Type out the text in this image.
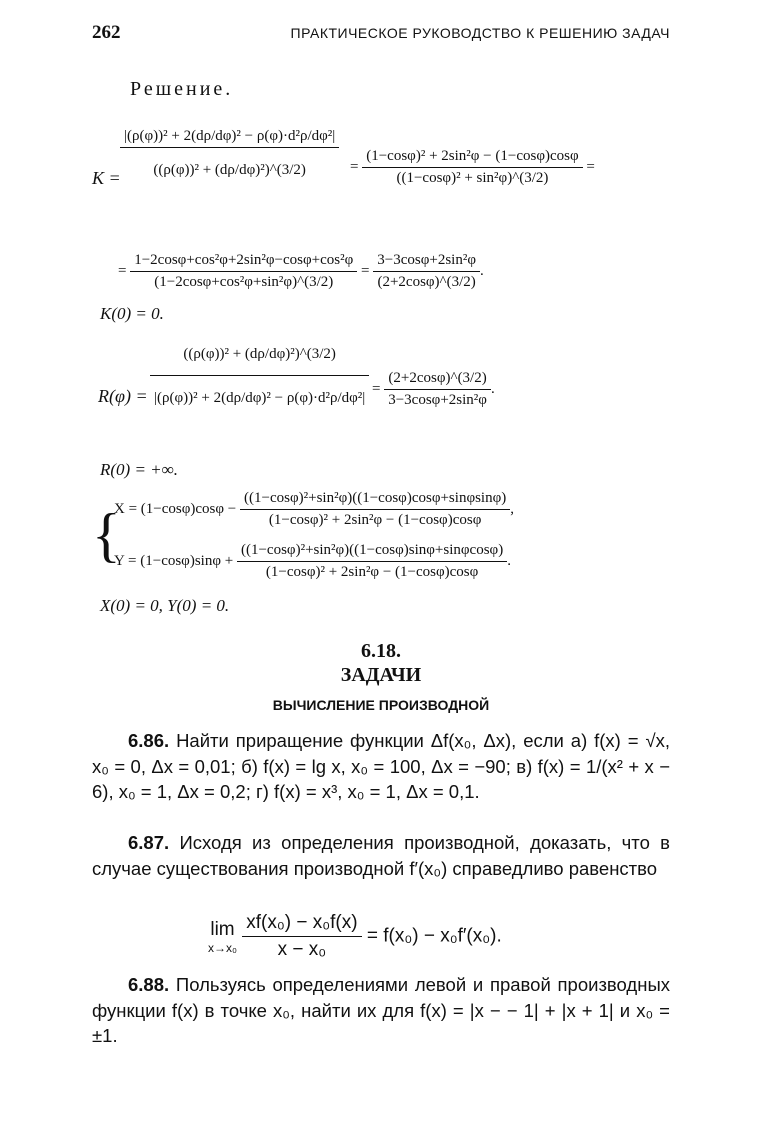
262	ПРАКТИЧЕСКОЕ РУКОВОДСТВО К РЕШЕНИЮ ЗАДАЧ
Решение.
$K = \frac{\text{|(ρ(φ))² + 2(dρ/dφ)² − ρ(φ)·d²ρ/dφ²|}}{\text{((ρ(φ))² + (dρ/dφ)²)\textasciicircum{}(3/2)}} = \frac{\text{(1−cosφ)² + 2sin²φ − (1−cosφ)cosφ}}{\text{((1−cosφ)² + sin²φ)\textasciicircum{}(3/2)}}$ =
= $\frac{\text{1−2cosφ+cos²φ+2sin²φ−cosφ+cos²φ}}{\text{(1−2cosφ+cos²φ+sin²φ)\textasciicircum{}(3/2)}} = \frac{\text{3−3cosφ+2sin²φ}}{(2+2\cos\varphi)\^{}(3/2)}$ .
K(0) = 0.
$R(\varphi) = \frac{\text{((ρ(φ))² + (dρ/dφ)²)\textasciicircum{}(3/2)}}{\text{|(ρ(φ))² + 2(dρ/dφ)² − ρ(φ)·d²ρ/dφ²|}} = \frac{(2+2\cos\varphi)\^{}(3/2)}{\text{3−3cosφ+2sin²φ}}$ .
R(0) = +∞.
{
$X = (1-\cos\varphi)\cos\varphi - \frac{\text{((1−cosφ)²+sin²φ)((1−cosφ)cosφ+sinφsinφ)}}{\text{(1−cosφ)² + 2sin²φ − (1−cosφ)cosφ}}$ ,
$Y = (1-\cos\varphi)\sin\varphi + \frac{\text{((1−cosφ)²+sin²φ)((1−cosφ)sinφ+sinφcosφ)}}{\text{(1−cosφ)² + 2sin²φ − (1−cosφ)cosφ}}$ .
X(0) = 0, Y(0) = 0.
6.18.
ЗАДАЧИ
ВЫЧИСЛЕНИЕ ПРОИЗВОДНОЙ
6.86. Найти приращение функции Δf(x₀, Δx), если а) f(x) = √x, x₀ = 0, Δx = 0,01; б) f(x) = lg x, x₀ = 100, Δx = −90; в) f(x) = 1/(x² + x − 6), x₀ = 1, Δx = 0,2; г) f(x) = x³, x₀ = 1, Δx = 0,1.
6.87. Исходя из определения производной, доказать, что в случае существования производной f′(x₀) справедливо равенство
lim
x→x₀
$\frac{\text{xf(x₀) − x₀f(x)}}{\text{x − x₀}} = f(x_0) - x_0f'(x_0)$.
6.88. Пользуясь определениями левой и правой производных функции f(x) в точке x₀, найти их для f(x) = |x − − 1| + |x + 1| и x₀ = ±1.
